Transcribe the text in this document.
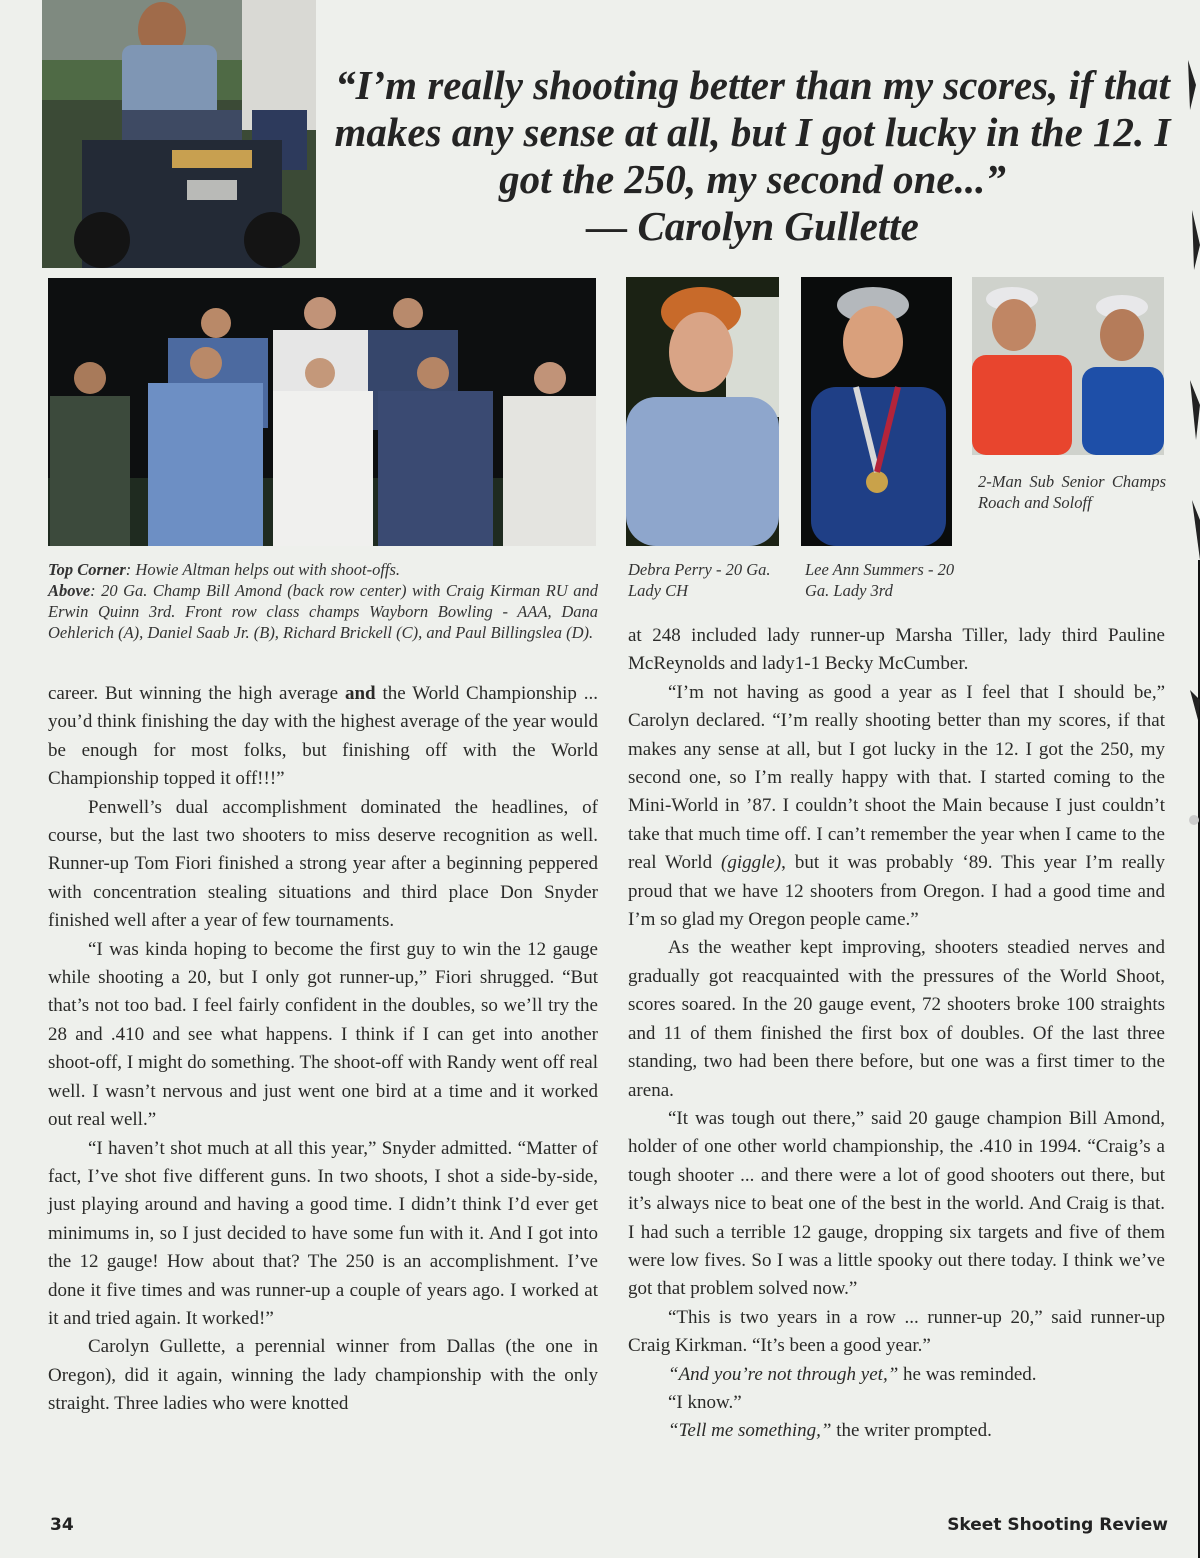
“I’m really shooting better than my scores, if that makes any sense at all, but I got lucky in the 12. I got the 250, my second one...”
— Carolyn Gullette
Top Corner: Howie Altman helps out with shoot-offs.
Above: 20 Ga. Champ Bill Amond (back row center) with Craig Kirman RU and Erwin Quinn 3rd. Front row class champs Wayborn Bowling - AAA, Dana Oehlerich (A), Daniel Saab Jr. (B), Richard Brickell (C), and Paul Billingslea (D).
Debra Perry - 20 Ga. Lady CH
Lee Ann Summers - 20 Ga. Lady 3rd
2-Man Sub Senior Champs Roach and Soloff

career. But winning the high average and the World Championship ... you’d think finishing the day with the highest average of the year would be enough for most folks, but finishing off with the World Championship topped it off!!!”

Penwell’s dual accomplishment dominated the headlines, of course, but the last two shooters to miss deserve recognition as well. Runner-up Tom Fiori finished a strong year after a beginning peppered with concentration stealing situations and third place Don Snyder finished well after a year of few tournaments.

“I was kinda hoping to become the first guy to win the 12 gauge while shooting a 20, but I only got runner-up,” Fiori shrugged. “But that’s not too bad. I feel fairly confident in the doubles, so we’ll try the 28 and .410 and see what happens. I think if I can get into another shoot-off, I might do something. The shoot-off with Randy went off real well. I wasn’t nervous and just went one bird at a time and it worked out real well.”

“I haven’t shot much at all this year,” Snyder admitted. “Matter of fact, I’ve shot five different guns. In two shoots, I shot a side-by-side, just playing around and having a good time. I didn’t think I’d ever get minimums in, so I just decided to have some fun with it. And I got into the 12 gauge! How about that? The 250 is an accomplishment. I’ve done it five times and was runner-up a couple of years ago. I worked at it and tried again. It worked!”

Carolyn Gullette, a perennial winner from Dallas (the one in Oregon), did it again, winning the lady championship with the only straight. Three ladies who were knotted

at 248 included lady runner-up Marsha Tiller, lady third Pauline McReynolds and lady1-1 Becky McCumber.

“I’m not having as good a year as I feel that I should be,” Carolyn declared. “I’m really shooting better than my scores, if that makes any sense at all, but I got lucky in the 12. I got the 250, my second one, so I’m really happy with that. I started coming to the Mini-World in ’87. I couldn’t shoot the Main because I just couldn’t take that much time off. I can’t remember the year when I came to the real World (giggle), but it was probably ‘89. This year I’m really proud that we have 12 shooters from Oregon. I had a good time and I’m so glad my Oregon people came.”

As the weather kept improving, shooters steadied nerves and gradually got reacquainted with the pressures of the World Shoot, scores soared. In the 20 gauge event, 72 shooters broke 100 straights and 11 of them finished the first box of doubles. Of the last three standing, two had been there before, but one was a first timer to the arena.

“It was tough out there,” said 20 gauge champion Bill Amond, holder of one other world championship, the .410 in 1994. “Craig’s a tough shooter ... and there were a lot of good shooters out there, but it’s always nice to beat one of the best in the world. And Craig is that. I had such a terrible 12 gauge, dropping six targets and five of them were low fives. So I was a little spooky out there today. I think we’ve got that problem solved now.”

“This is two years in a row ... runner-up 20,” said runner-up Craig Kirkman. “It’s been a good year.”

“And you’re not through yet,” he was reminded.

“I know.”

“Tell me something,” the writer prompted.

34	Skeet Shooting Review
